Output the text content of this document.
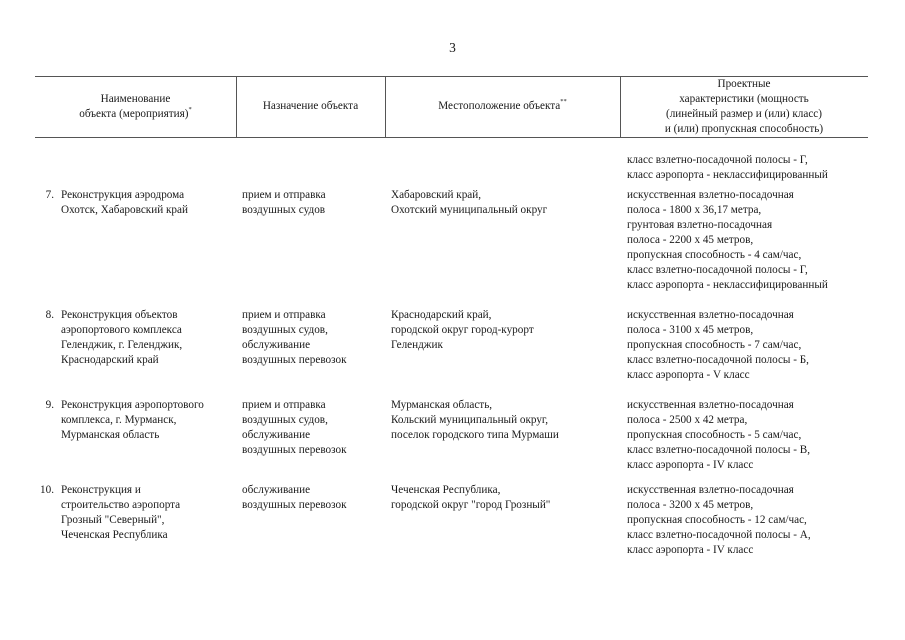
3
Наименование
объекта (мероприятия)*	Назначение объекта	Местоположение объекта**
Проектные
характеристики (мощность
(линейный размер и (или) класс)
и (или) пропускная способность)
класс взлетно-посадочной полосы - Г,
класс аэропорта - неклассифицированный
7. Реконструкция аэродрома
Охотск, Хабаровский край
прием и отправка
воздушных судов
Хабаровский край,
Охотский муниципальный округ
искусственная взлетно-посадочная
полоса - 1800 x 36,17 метра,
грунтовая взлетно-посадочная
полоса - 2200 x 45 метров,
пропускная способность - 4 сам/час,
класс взлетно-посадочной полосы - Г,
класс аэропорта - неклассифицированный
8. Реконструкция объектов
аэропортового комплекса
Геленджик, г. Геленджик,
Краснодарский край
прием и отправка
воздушных судов,
обслуживание
воздушных перевозок
Краснодарский край,
городской округ город-курорт
Геленджик
искусственная взлетно-посадочная
полоса - 3100 x 45 метров,
пропускная способность - 7 сам/час,
класс взлетно-посадочной полосы - Б,
класс аэропорта - V класс
9. Реконструкция аэропортового
комплекса, г. Мурманск,
Мурманская область
прием и отправка
воздушных судов,
обслуживание
воздушных перевозок
Мурманская область,
Кольский муниципальный округ,
поселок городского типа Мурмаши
искусственная взлетно-посадочная
полоса - 2500 x 42 метра,
пропускная способность - 5 сам/час,
класс взлетно-посадочной полосы - В,
класс аэропорта - IV класс
10. Реконструкция и
строительство аэропорта
Грозный "Северный",
Чеченская Республика
обслуживание
воздушных перевозок
Чеченская Республика,
городской округ "город Грозный"
искусственная взлетно-посадочная
полоса - 3200 x 45 метров,
пропускная способность - 12 сам/час,
класс взлетно-посадочной полосы - А,
класс аэропорта - IV класс
